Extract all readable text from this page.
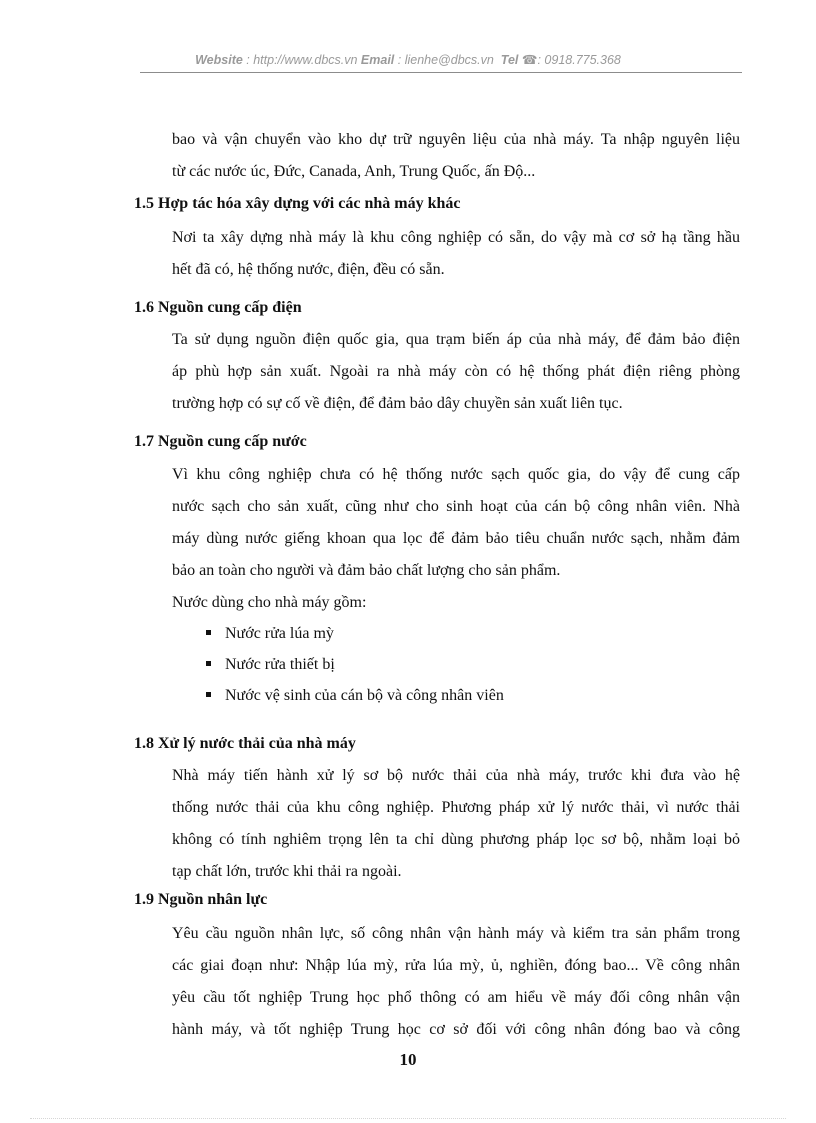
Website : http://www.dbcs.vn Email : lienhe@dbcs.vn  Tel ☎: 0918.775.368
bao và vận chuyển vào kho dự trữ nguyên liệu của nhà máy. Ta nhập nguyên liệu
từ các nước úc, Đức, Canada, Anh, Trung Quốc, ấn Độ...
1.5 Hợp tác hóa xây dựng với các nhà máy khác
Nơi ta xây dựng nhà máy là khu công nghiệp có sẵn, do vậy mà cơ sở hạ tầng hầu
hết đã có, hệ thống nước, điện, đều có sẵn.
1.6 Nguồn cung cấp điện
Ta sử dụng nguồn điện quốc gia, qua trạm biến áp của nhà máy, để đảm bảo điện
áp phù hợp sản xuất. Ngoài ra nhà máy còn có hệ thống phát điện riêng phòng
trường hợp có sự cố về điện, để đảm bảo dây chuyền sản xuất liên tục.
1.7 Nguồn cung cấp nước
Vì khu công nghiệp chưa có hệ thống nước sạch quốc gia, do vậy để cung cấp
nước sạch cho sản xuất, cũng như cho sinh hoạt của cán bộ công nhân viên. Nhà
máy dùng nước giếng khoan qua lọc để đảm bảo tiêu chuẩn nước sạch, nhằm đảm
bảo an toàn cho người và đảm bảo chất lượng cho sản phẩm.
Nước dùng cho nhà máy gồm:
Nước rửa lúa mỳ
Nước rửa thiết bị
Nước vệ sinh của cán bộ và công nhân viên
1.8 Xử lý nước thải của nhà máy
Nhà máy tiến hành xử lý sơ bộ nước thải của nhà máy, trước khi đưa vào hệ
thống nước thải của khu công nghiệp. Phương pháp xử lý nước thải, vì nước thải
không có tính nghiêm trọng lên ta chỉ dùng phương pháp lọc sơ bộ, nhằm loại bỏ
tạp chất lớn, trước khi thải ra ngoài.
1.9 Nguồn nhân lực
Yêu cầu nguồn nhân lực, số công nhân vận hành máy và kiểm tra sản phẩm trong
các giai đoạn như: Nhập lúa mỳ, rửa lúa mỳ, ủ, nghiền, đóng bao... Về công nhân
yêu cầu tốt nghiệp Trung học phổ thông có am hiểu về máy đối công nhân vận
hành máy, và tốt nghiệp Trung học cơ sở đối với công nhân đóng bao và công
10
